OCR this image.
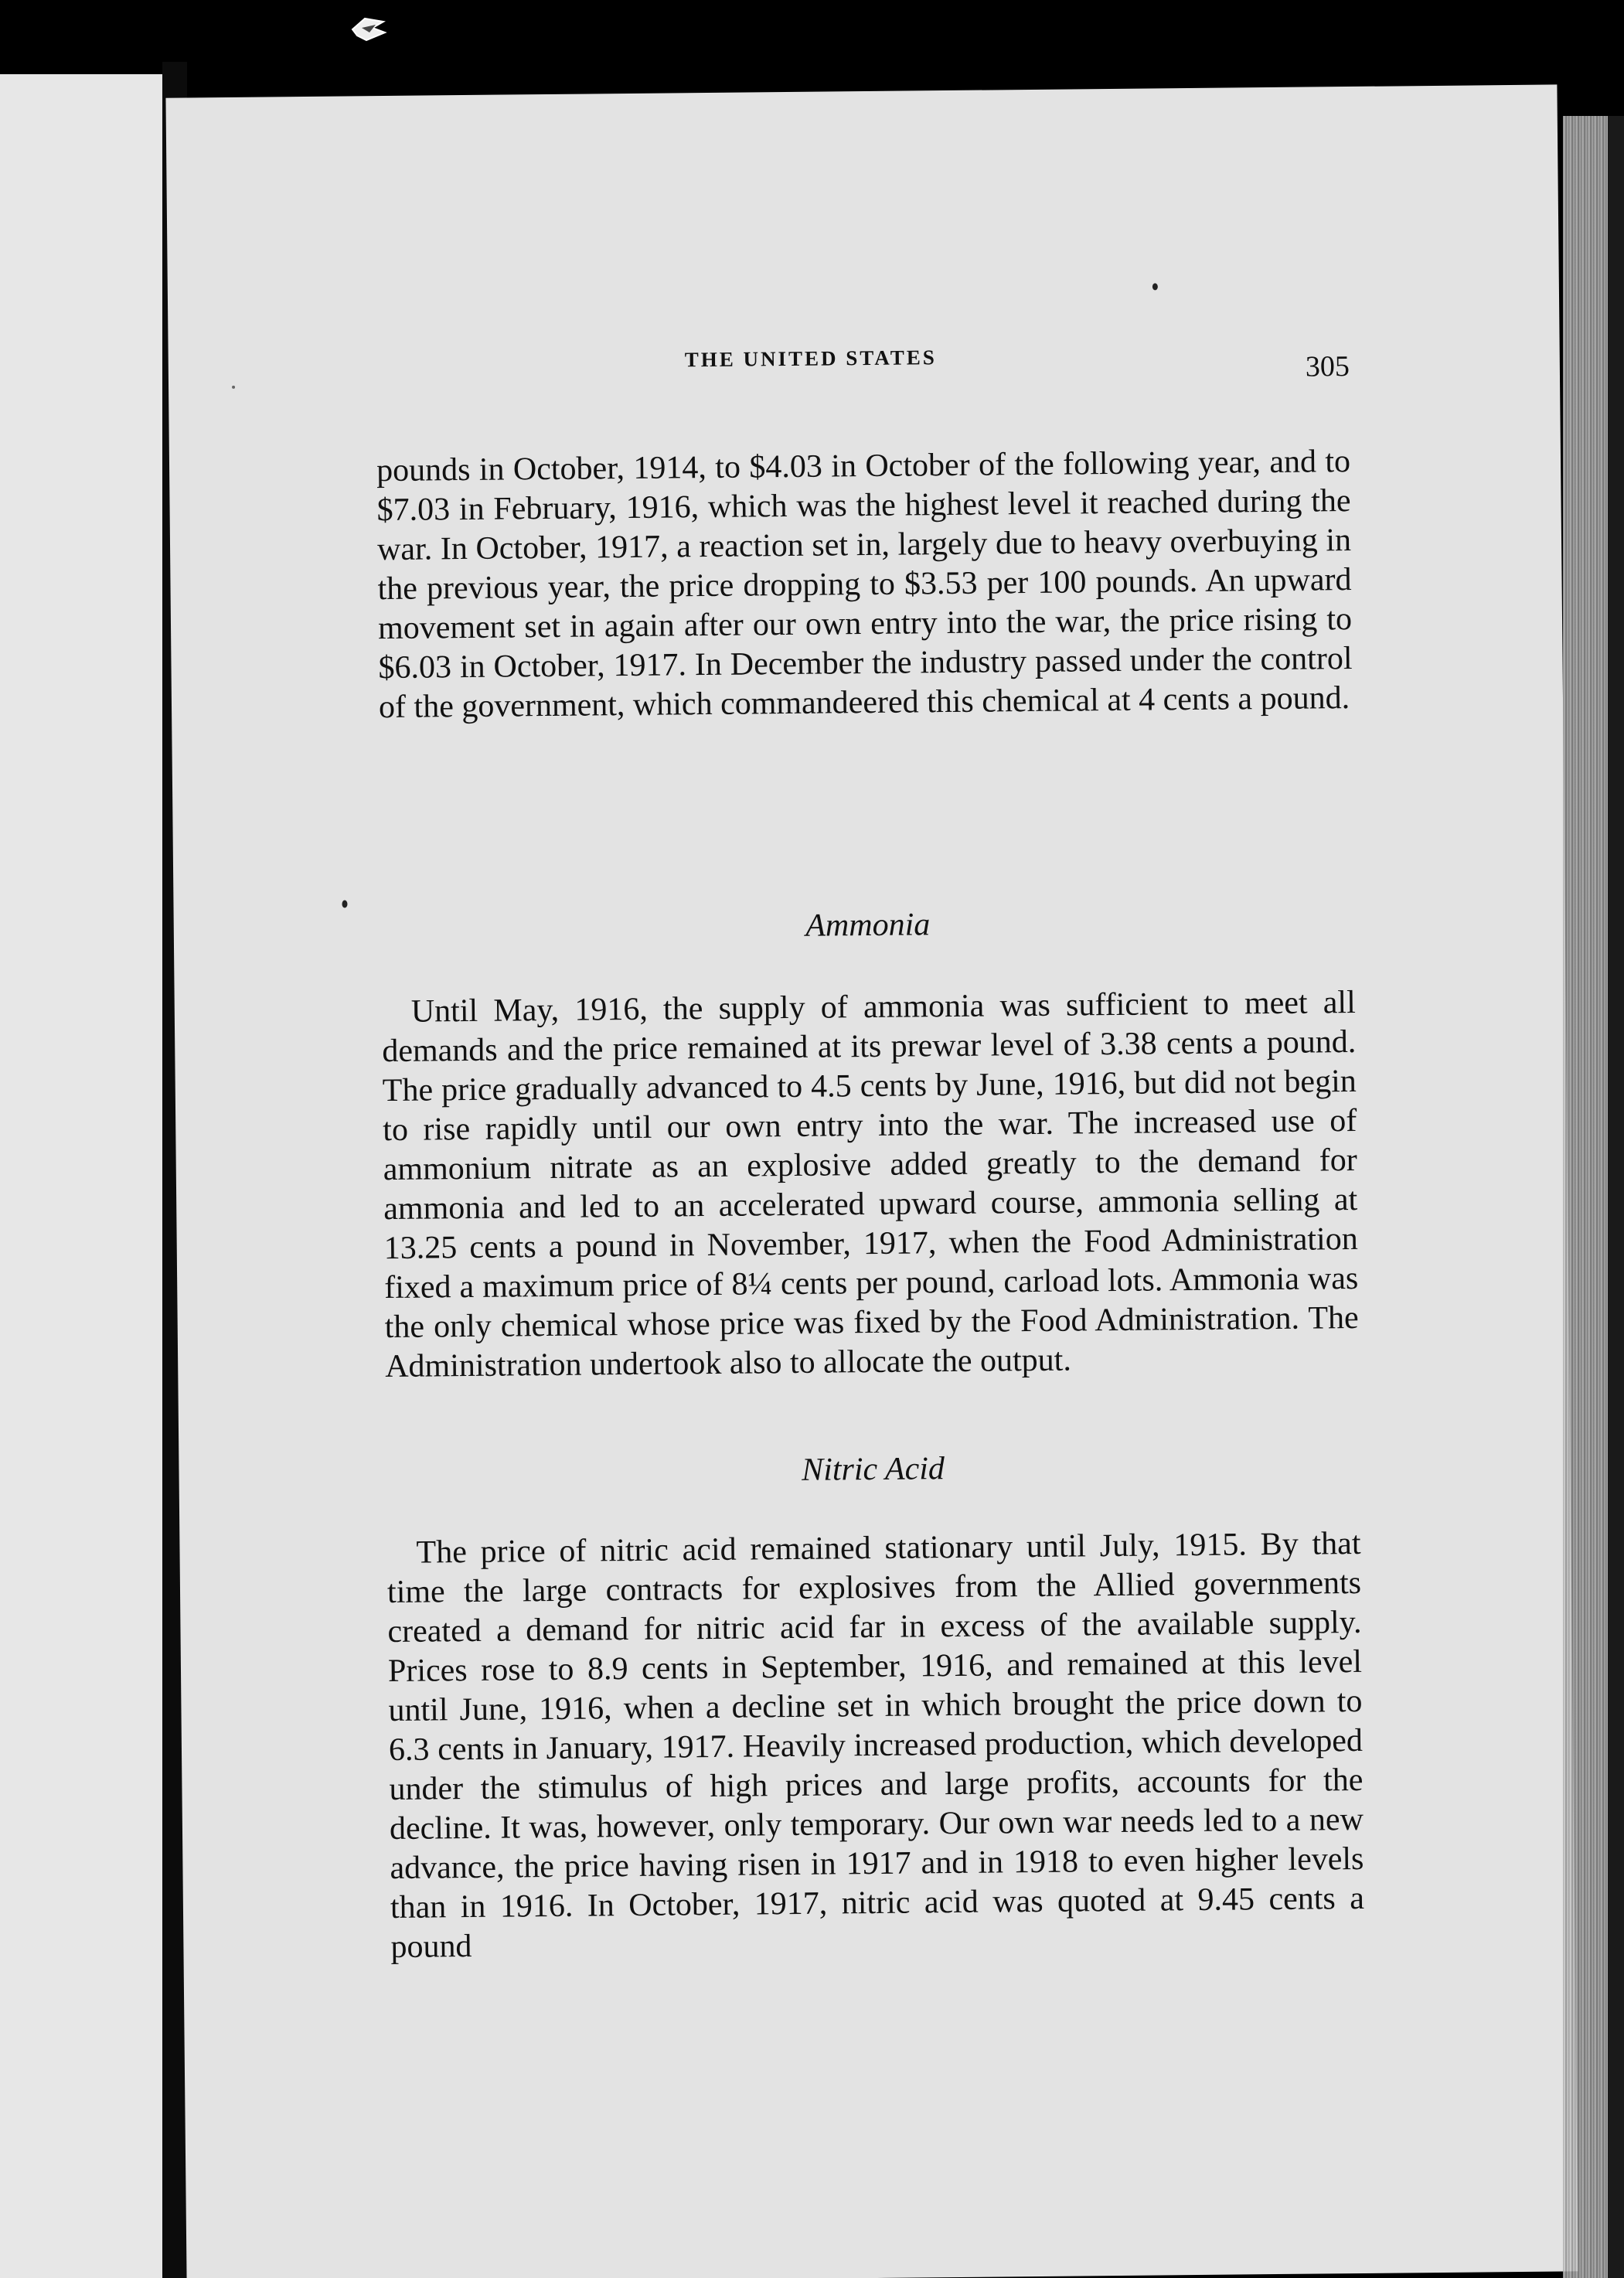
THE UNITED STATES	305

pounds in October, 1914, to $4.03 in October of the following year, and to $7.03 in February, 1916, which was the highest level it reached during the war. In October, 1917, a reaction set in, largely due to heavy overbuying in the previous year, the price dropping to $3.53 per 100 pounds. An upward movement set in again after our own entry into the war, the price rising to $6.03 in October, 1917. In December the industry passed under the control of the government, which commandeered this chemical at 4 cents a pound.

Ammonia

Until May, 1916, the supply of ammonia was sufficient to meet all demands and the price remained at its prewar level of 3.38 cents a pound. The price gradually advanced to 4.5 cents by June, 1916, but did not begin to rise rapidly until our own entry into the war. The increased use of ammonium nitrate as an explosive added greatly to the demand for ammonia and led to an accelerated upward course, ammonia selling at 13.25 cents a pound in November, 1917, when the Food Administration fixed a maximum price of 8¼ cents per pound, carload lots. Ammonia was the only chemical whose price was fixed by the Food Administration. The Administration undertook also to allocate the output.

Nitric Acid

The price of nitric acid remained stationary until July, 1915. By that time the large contracts for explosives from the Allied governments created a demand for nitric acid far in excess of the available supply. Prices rose to 8.9 cents in September, 1916, and remained at this level until June, 1916, when a decline set in which brought the price down to 6.3 cents in January, 1917. Heavily increased production, which developed under the stimulus of high prices and large profits, accounts for the decline. It was, however, only temporary. Our own war needs led to a new advance, the price having risen in 1917 and in 1918 to even higher levels than in 1916. In October, 1917, nitric acid was quoted at 9.45 cents a pound
